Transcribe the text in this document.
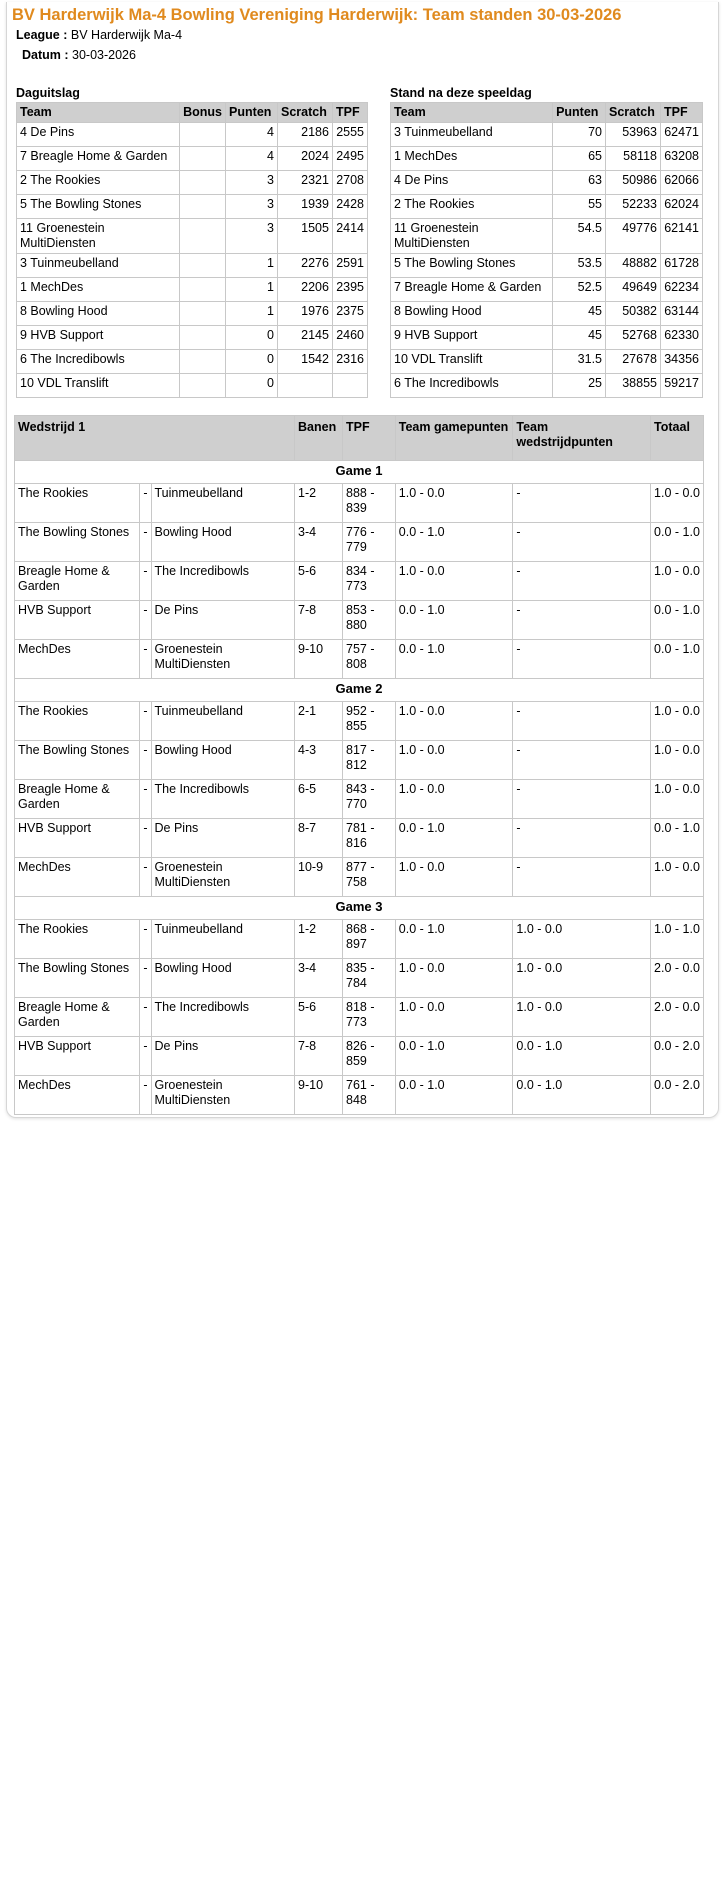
BV Harderwijk Ma-4 Bowling Vereniging Harderwijk: Team standen 30-03-2026
League : BV Harderwijk Ma-4
Datum : 30-03-2026
Daguitslag
Team	Bonus	Punten	Scratch	TPF
4 De Pins		4	2186	2555
7 Breagle Home & Garden		4	2024	2495
2 The Rookies		3	2321	2708
5 The Bowling Stones		3	1939	2428
11 Groenestein MultiDiensten		3	1505	2414
3 Tuinmeubelland		1	2276	2591
1 MechDes		1	2206	2395
8 Bowling Hood		1	1976	2375
9 HVB Support		0	2145	2460
6 The Incredibowls		0	1542	2316
10 VDL Translift		0		
Stand na deze speeldag
Team	Punten	Scratch	TPF
3 Tuinmeubelland	70	53963	62471
1 MechDes	65	58118	63208
4 De Pins	63	50986	62066
2 The Rookies	55	52233	62024
11 Groenestein MultiDiensten	54.5	49776	62141
5 The Bowling Stones	53.5	48882	61728
7 Breagle Home & Garden	52.5	49649	62234
8 Bowling Hood	45	50382	63144
9 HVB Support	45	52768	62330
10 VDL Translift	31.5	27678	34356
6 The Incredibowls	25	38855	59217
Wedstrijd 1			Banen	TPF	Team gamepunten	Team wedstrijdpunten	Totaal
Game 1							
The Rookies	-	Tuinmeubelland	1-2	888 - 839	1.0 - 0.0	-	1.0 - 0.0
The Bowling Stones	-	Bowling Hood	3-4	776 - 779	0.0 - 1.0	-	0.0 - 1.0
Breagle Home & Garden	-	The Incredibowls	5-6	834 - 773	1.0 - 0.0	-	1.0 - 0.0
HVB Support	-	De Pins	7-8	853 - 880	0.0 - 1.0	-	0.0 - 1.0
MechDes	-	Groenestein MultiDiensten	9-10	757 - 808	0.0 - 1.0	-	0.0 - 1.0
Game 2							
The Rookies	-	Tuinmeubelland	2-1	952 - 855	1.0 - 0.0	-	1.0 - 0.0
The Bowling Stones	-	Bowling Hood	4-3	817 - 812	1.0 - 0.0	-	1.0 - 0.0
Breagle Home & Garden	-	The Incredibowls	6-5	843 - 770	1.0 - 0.0	-	1.0 - 0.0
HVB Support	-	De Pins	8-7	781 - 816	0.0 - 1.0	-	0.0 - 1.0
MechDes	-	Groenestein MultiDiensten	10-9	877 - 758	1.0 - 0.0	-	1.0 - 0.0
Game 3							
The Rookies	-	Tuinmeubelland	1-2	868 - 897	0.0 - 1.0	1.0 - 0.0	1.0 - 1.0
The Bowling Stones	-	Bowling Hood	3-4	835 - 784	1.0 - 0.0	1.0 - 0.0	2.0 - 0.0
Breagle Home & Garden	-	The Incredibowls	5-6	818 - 773	1.0 - 0.0	1.0 - 0.0	2.0 - 0.0
HVB Support	-	De Pins	7-8	826 - 859	0.0 - 1.0	0.0 - 1.0	0.0 - 2.0
MechDes	-	Groenestein MultiDiensten	9-10	761 - 848	0.0 - 1.0	0.0 - 1.0	0.0 - 2.0
